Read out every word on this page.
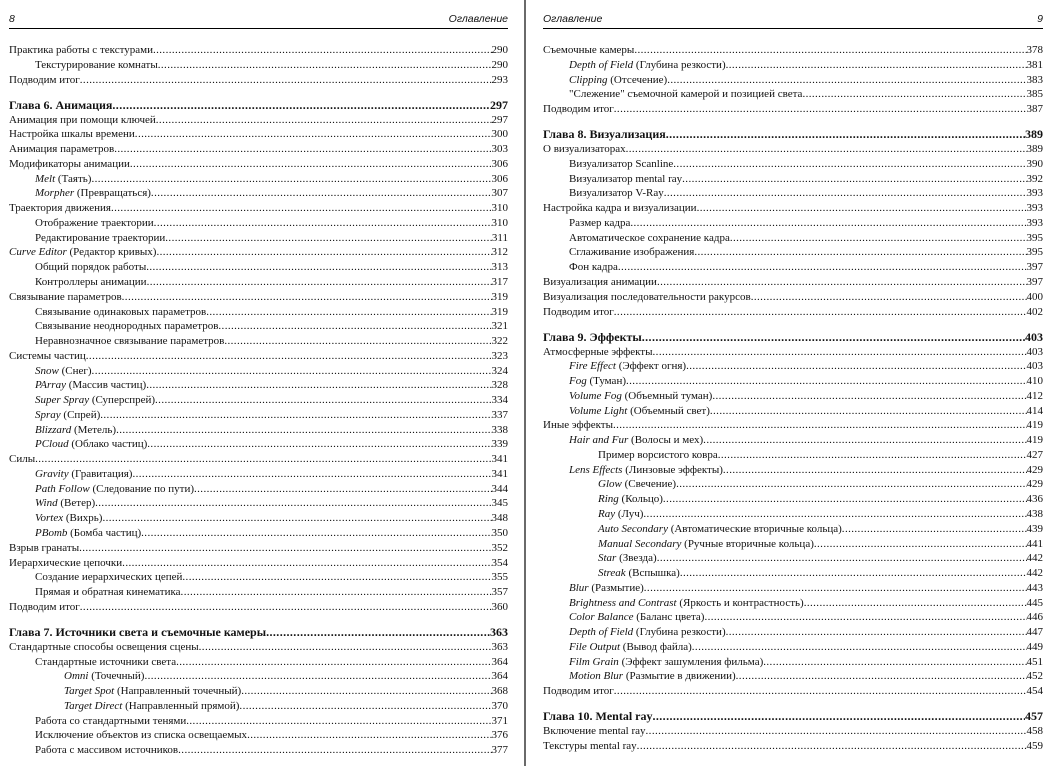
8	Оглавление
Практика работы с текстурами .....	290
Текстурирование комнаты .....	290
Подводим итог .....	293
Глава 6. Анимация .....	297
Анимация при помощи ключей .....	297
Настройка шкалы времени .....	300
Анимация параметров .....	303
Модификаторы анимации .....	306
Melt (Таять) .....	306
Morpher (Превращаться) .....	307
Траектория движения .....	310
Отображение траектории .....	310
Редактирование траектории .....	311
Curve Editor (Редактор кривых) .....	312
Общий порядок работы .....	313
Контроллеры анимации .....	317
Связывание параметров .....	319
Связывание одинаковых параметров .....	319
Связывание неоднородных параметров .....	321
Неравнозначное связывание параметров .....	322
Системы частиц .....	323
Snow (Снег) .....	324
PArray (Массив частиц) .....	328
Super Spray (Суперспрей) .....	334
Spray (Спрей) .....	337
Blizzard (Метель) .....	338
PCloud (Облако частиц) .....	339
Силы .....	341
Gravity (Гравитация) .....	341
Path Follow (Следование по пути) .....	344
Wind (Ветер) .....	345
Vortex (Вихрь) .....	348
PBomb (Бомба частиц) .....	350
Взрыв гранаты .....	352
Иерархические цепочки .....	354
Создание иерархических цепей .....	355
Прямая и обратная кинематика .....	357
Подводим итог .....	360
Глава 7. Источники света и съемочные камеры .....	363
Стандартные способы освещения сцены .....	363
Стандартные источники света .....	364
Omni (Точечный) .....	364
Target Spot (Направленный точечный) .....	368
Target Direct (Направленный прямой) .....	370
Работа со стандартными тенями .....	371
Исключение объектов из списка освещаемых .....	376
Работа с массивом источников .....	377
Оглавление	9
Съемочные камеры .....	378
Depth of Field (Глубина резкости) .....	381
Clipping (Отсечение) .....	383
"Слежение" съемочной камерой и позицией света .....	385
Подводим итог .....	387
Глава 8. Визуализация .....	389
О визуализаторах .....	389
Визуализатор Scanline .....	390
Визуализатор mental ray .....	392
Визуализатор V-Ray .....	393
Настройка кадра и визуализации .....	393
Размер кадра .....	393
Автоматическое сохранение кадра .....	395
Сглаживание изображения .....	395
Фон кадра .....	397
Визуализация анимации .....	397
Визуализация последовательности ракурсов .....	400
Подводим итог .....	402
Глава 9. Эффекты .....	403
Атмосферные эффекты .....	403
Fire Effect (Эффект огня) .....	403
Fog (Туман) .....	410
Volume Fog (Объемный туман) .....	412
Volume Light (Объемный свет) .....	414
Иные эффекты .....	419
Hair and Fur (Волосы и мех) .....	419
Пример ворсистого ковра .....	427
Lens Effects (Линзовые эффекты) .....	429
Glow (Свечение) .....	429
Ring (Кольцо) .....	436
Ray (Луч) .....	438
Auto Secondary (Автоматические вторичные кольца) .....	439
Manual Secondary (Ручные вторичные кольца) .....	441
Star (Звезда) .....	442
Streak (Вспышка) .....	442
Blur (Размытие) .....	443
Brightness and Contrast (Яркость и контрастность) .....	445
Color Balance (Баланс цвета) .....	446
Depth of Field (Глубина резкости) .....	447
File Output (Вывод файла) .....	449
Film Grain (Эффект зашумления фильма) .....	451
Motion Blur (Размытие в движении) .....	452
Подводим итог .....	454
Глава 10. Mental ray .....	457
Включение mental ray .....	458
Текстуры mental ray .....	459
